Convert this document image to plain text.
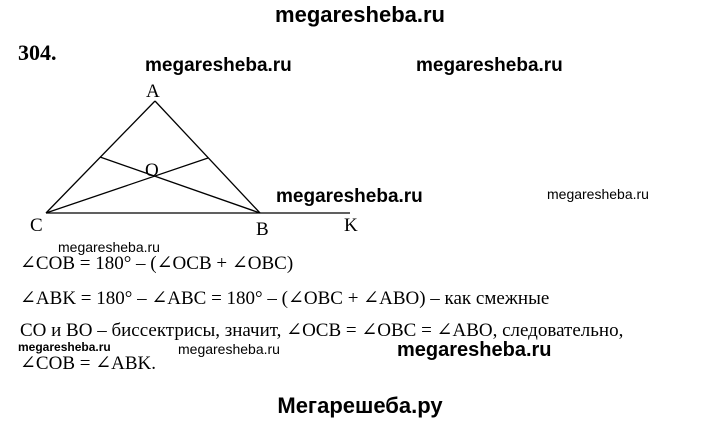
megaresheba.ru
megaresheba.ru	megaresheba.ru
megaresheba.ru	megaresheba.ru
megaresheba.ru
megaresheba.ru	megaresheba.ru	megaresheba.ru
304.
A
O
C	B	K
∠COB = 180° – (∠OCB + ∠OBC)
∠ABK = 180° – ∠ABC = 180° – (∠OBC + ∠ABO) – как смежные
CO и BO – биссектрисы, значит, ∠OCB = ∠OBC = ∠ABO, следовательно,
∠COB = ∠ABK.
Мегарешеба.ру
